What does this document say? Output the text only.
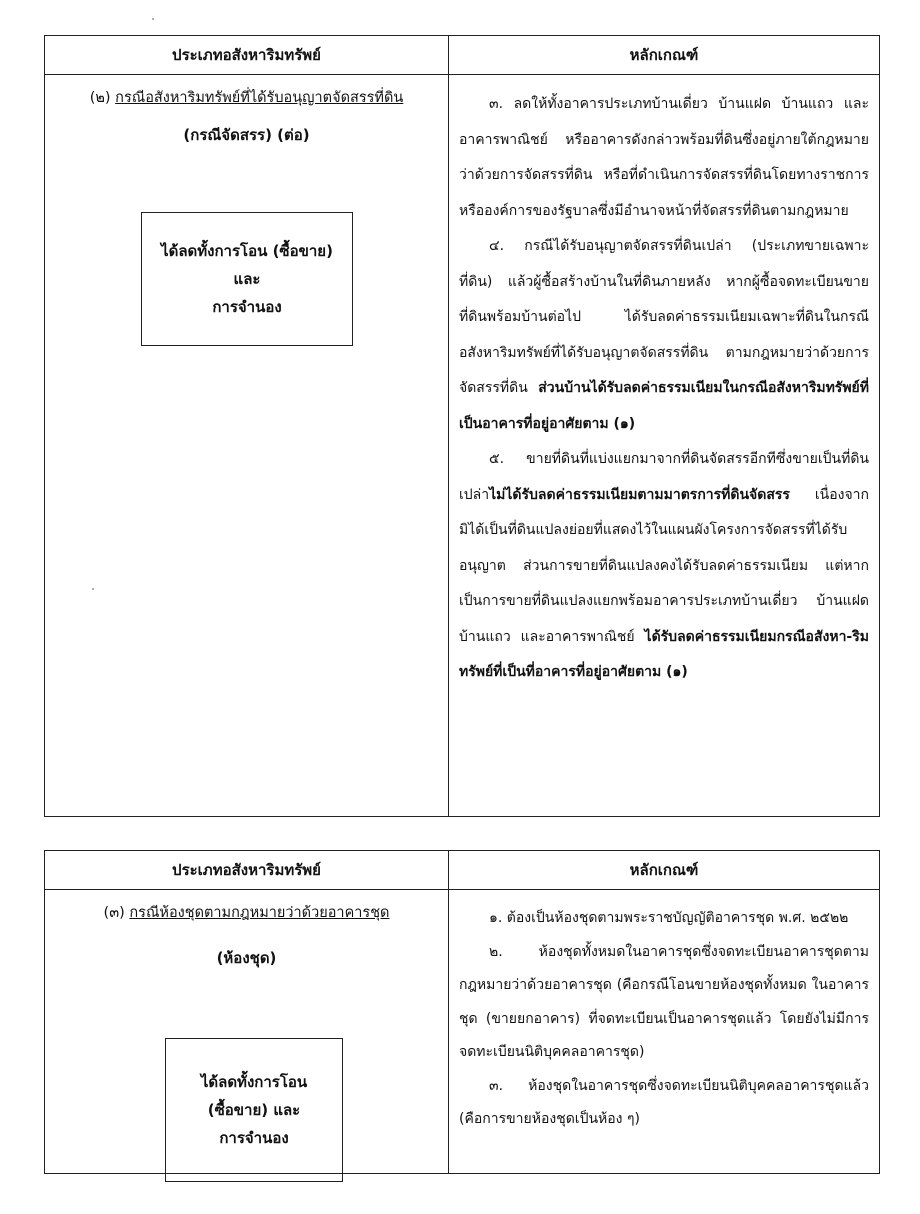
ประเภทอสังหาริมทรัพย์	หลักเกณฑ์
(๒) กรณีอสังหาริมทรัพย์ที่ได้รับอนุญาตจัดสรรที่ดิน
(กรณีจัดสรร) (ต่อ)
ได้ลดทั้งการโอน (ซื้อขาย)
และ
การจำนอง

๓. ลดให้ทั้งอาคารประเภทบ้านเดี่ยว บ้านแฝด บ้านแถว และอาคารพาณิชย์ หรืออาคารดังกล่าวพร้อมที่ดินซึ่งอยู่ภายใต้กฎหมายว่าด้วยการจัดสรรที่ดิน หรือที่ดำเนินการจัดสรรที่ดินโดยทางราชการหรือองค์การของรัฐบาลซึ่งมีอำนาจหน้าที่จัดสรรที่ดินตามกฎหมาย

๔. กรณีได้รับอนุญาตจัดสรรที่ดินเปล่า (ประเภทขายเฉพาะที่ดิน) แล้วผู้ซื้อสร้างบ้านในที่ดินภายหลัง หากผู้ซื้อจดทะเบียนขายที่ดินพร้อมบ้านต่อไป ได้รับลดค่าธรรมเนียมเฉพาะที่ดินในกรณีอสังหาริมทรัพย์ที่ได้รับอนุญาตจัดสรรที่ดิน ตามกฎหมายว่าด้วยการจัดสรรที่ดิน ส่วนบ้านได้รับลดค่าธรรมเนียมในกรณีอสังหาริมทรัพย์ที่เป็นอาคารที่อยู่อาศัยตาม (๑)

๕. ขายที่ดินที่แบ่งแยกมาจากที่ดินจัดสรรอีกทีซึ่งขายเป็นที่ดินเปล่าไม่ได้รับลดค่าธรรมเนียมตามมาตรการที่ดินจัดสรร เนื่องจากมิได้เป็นที่ดินแปลงย่อยที่แสดงไว้ในแผนผังโครงการจัดสรรที่ได้รับอนุญาต ส่วนการขายที่ดินแปลงคงได้รับลดค่าธรรมเนียม แต่หากเป็นการขายที่ดินแปลงแยกพร้อมอาคารประเภทบ้านเดี่ยว บ้านแฝด บ้านแถว และอาคารพาณิชย์ ได้รับลดค่าธรรมเนียมกรณีอสังหา-ริมทรัพย์ที่เป็นที่อาคารที่อยู่อาศัยตาม (๑)

ประเภทอสังหาริมทรัพย์	หลักเกณฑ์
(๓) กรณีห้องชุดตามกฎหมายว่าด้วยอาคารชุด
(ห้องชุด)
ได้ลดทั้งการโอน
(ซื้อขาย) และ
การจำนอง

๑. ต้องเป็นห้องชุดตามพระราชบัญญัติอาคารชุด พ.ศ. ๒๕๒๒

๒. ห้องชุดทั้งหมดในอาคารชุดซึ่งจดทะเบียนอาคารชุดตามกฎหมายว่าด้วยอาคารชุด (คือกรณีโอนขายห้องชุดทั้งหมด ในอาคารชุด (ขายยกอาคาร) ที่จดทะเบียนเป็นอาคารชุดแล้ว โดยยังไม่มีการจดทะเบียนนิติบุคคลอาคารชุด)

๓. ห้องชุดในอาคารชุดซึ่งจดทะเบียนนิติบุคคลอาคารชุดแล้ว (คือการขายห้องชุดเป็นห้อง ๆ)
